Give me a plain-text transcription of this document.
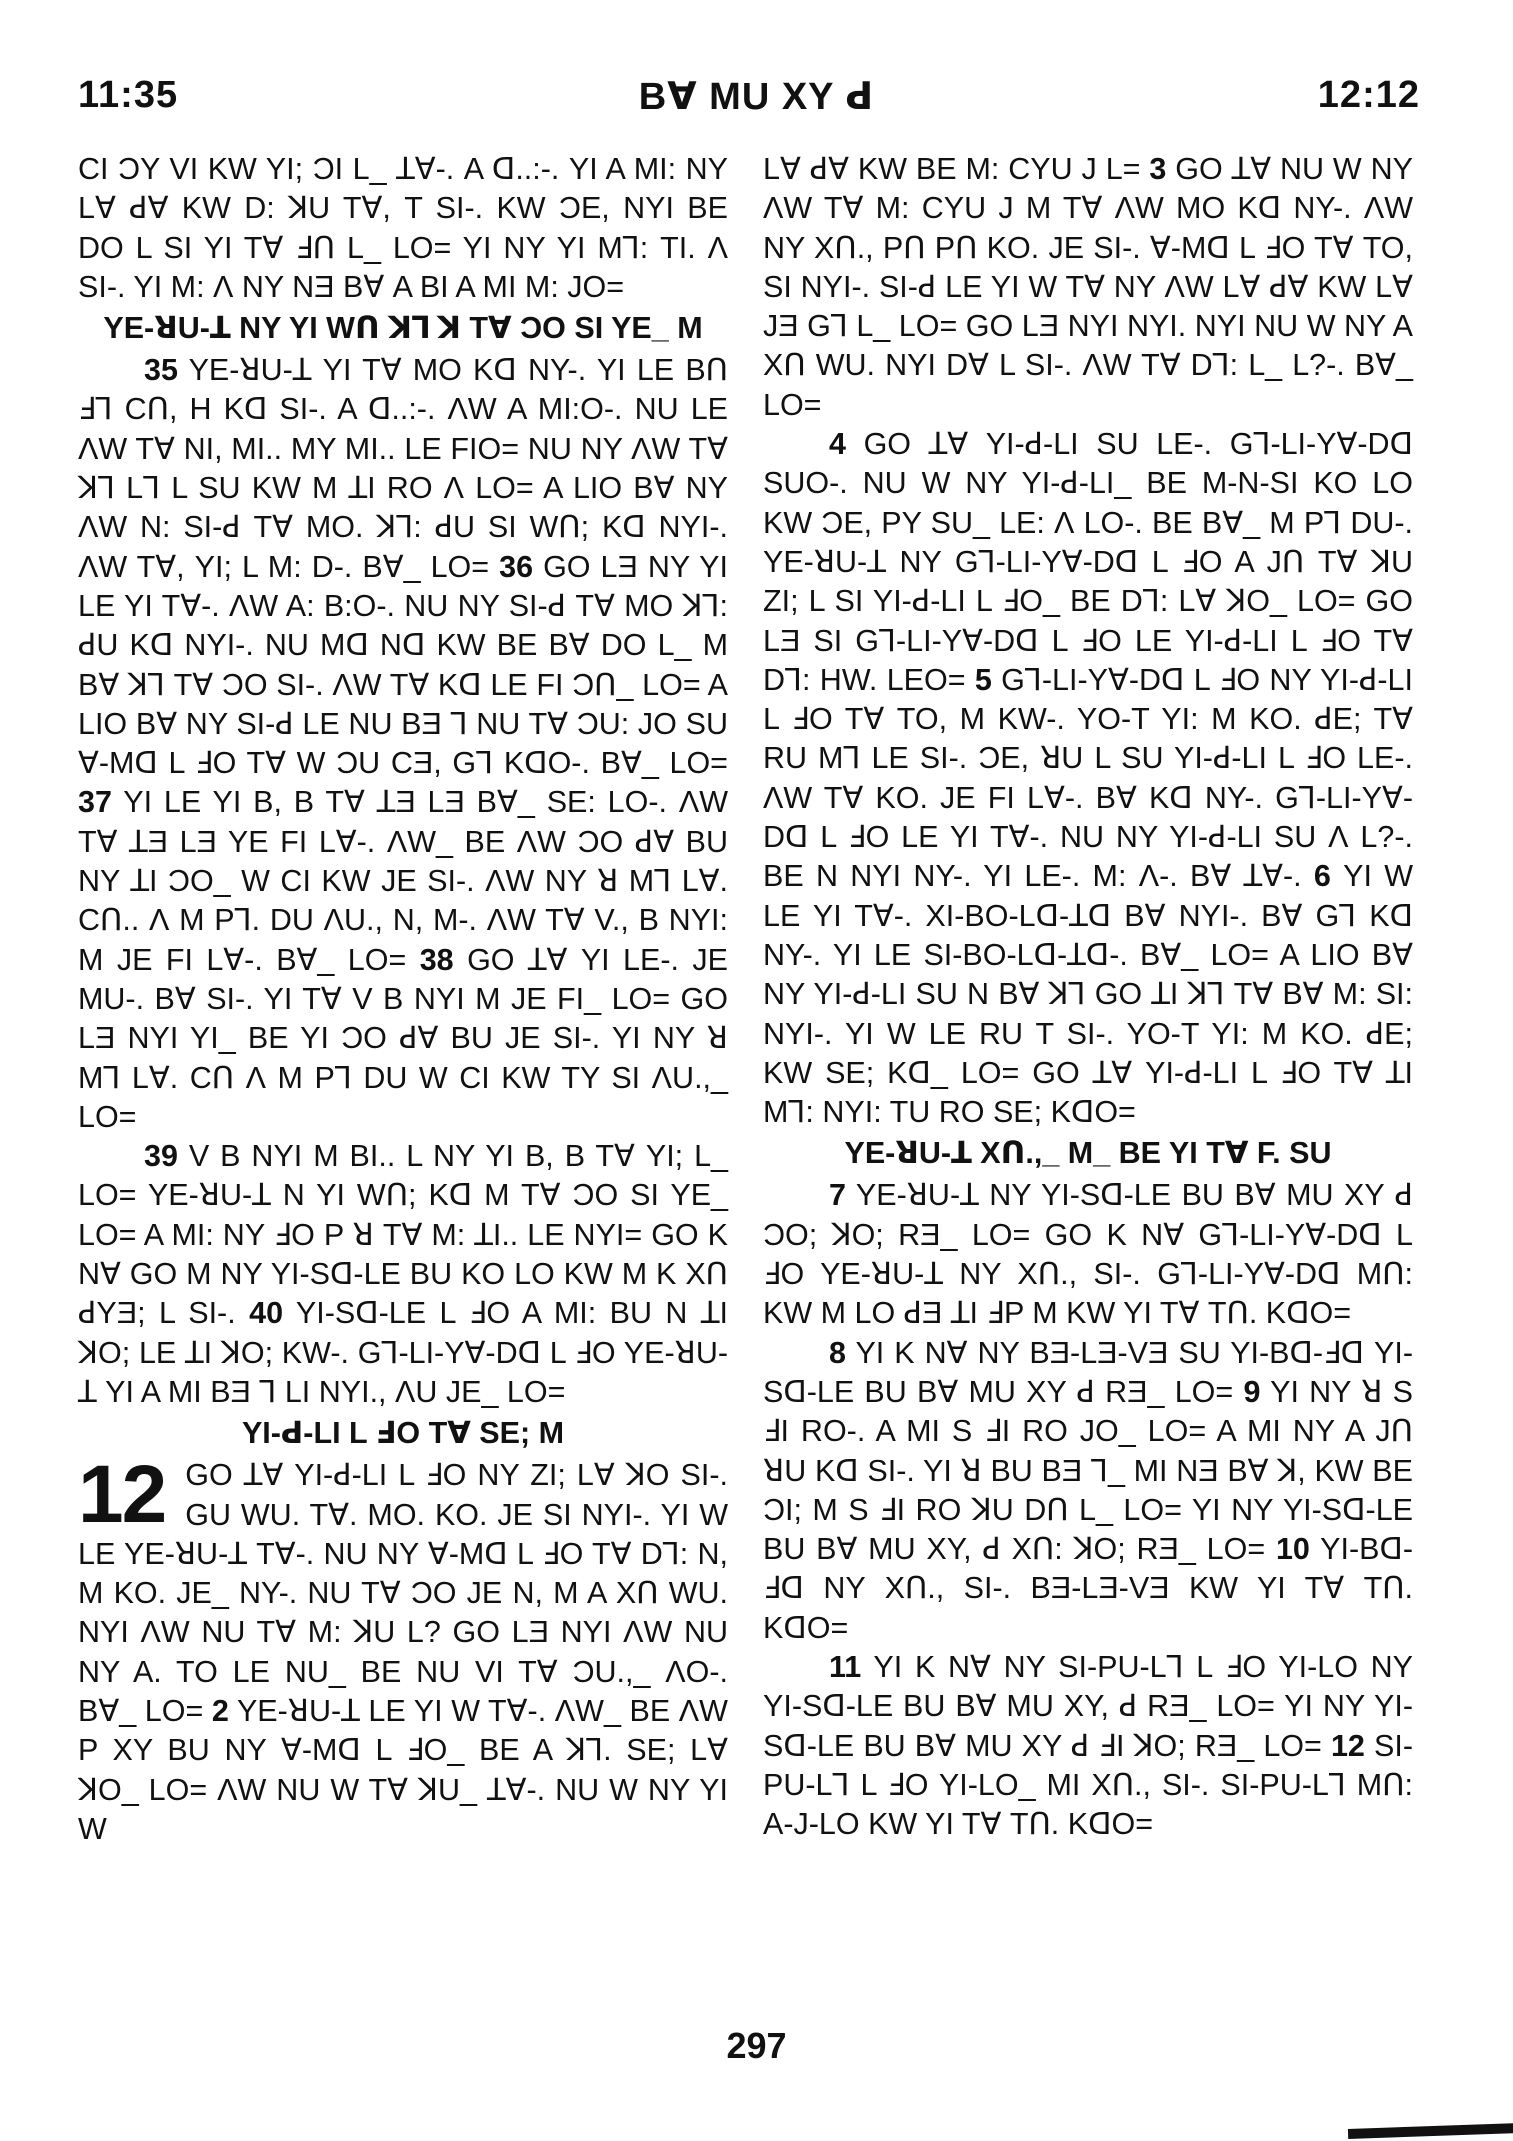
11:35	Bꓯ MU XY ꓒ	12:12

CI ƆY VI KW YI; ƆI L_ ꓕꓯ-. A ꓷ..:-. YI A MI: NY Lꓯ ꓒꓯ KW D: ꓘU Tꓯ, T SI-. KW ƆE, NYI BE DO L SI YI Tꓯ ꓞꓵ L_ LO= YI NY YI Mꓶ: TI. Ʌ SI-. YI M: Ʌ NY NƎ Bꓯ A BI A MI M: JO=

YE-ꓤU-ꓕ NY YI Wꓵ ꓘꓶ ꓘ Tꓯ ƆO SI YE_ M

35 YE-ꓤU-ꓕ YI Tꓯ MO Kꓷ NY-. YI LE Bꓵ ꓞꓶ Cꓵ, H Kꓷ SI-. A ꓷ..:-. ɅW A MI:O-. NU LE ɅW Tꓯ NI, MI.. MY MI.. LE FIO= NU NY ɅW Tꓯ ꓘꓶ Lꓶ L SU KW M ꓕI RO Ʌ LO= A LIO Bꓯ NY ɅW N: SI-ꓒ Tꓯ MO. ꓘꓶ: ꓒU SI Wꓵ; Kꓷ NYI-. ɅW Tꓯ, YI; L M: D-. Bꓯ_ LO= 36 GO LƎ NY YI LE YI Tꓯ-. ɅW A: B:O-. NU NY SI-ꓒ Tꓯ MO ꓘꓶ: ꓒU Kꓷ NYI-. NU Mꓷ Nꓷ KW BE Bꓯ DO L_ M Bꓯ ꓘꓶ Tꓯ ƆO SI-. ɅW Tꓯ Kꓷ LE FI Ɔꓵ_ LO= A LIO Bꓯ NY SI-ꓒ LE NU BƎ ꓶ NU Tꓯ ƆU: JO SU ꓯ-Mꓷ L ꓞO Tꓯ W ƆU CƎ, Gꓶ KꓷO-. Bꓯ_ LO= 37 YI LE YI B, B Tꓯ ꓕƎ LƎ Bꓯ_ SE: LO-. ɅW Tꓯ ꓕƎ LƎ YE FI Lꓯ-. ɅW_ BE ɅW ƆO ꓒꓯ BU NY ꓕI ƆO_ W CI KW JE SI-. ɅW NY ꓤ Mꓶ Lꓯ. Cꓵ.. Ʌ M Pꓶ. DU ɅU., N, M-. ɅW Tꓯ V., B NYI: M JE FI Lꓯ-. Bꓯ_ LO= 38 GO ꓕꓯ YI LE-. JE MU-. Bꓯ SI-. YI Tꓯ V B NYI M JE FI_ LO= GO LƎ NYI YI_ BE YI ƆO ꓒꓯ BU JE SI-. YI NY ꓤ Mꓶ Lꓯ. Cꓵ Ʌ M Pꓶ DU W CI KW TY SI ɅU.,_ LO=

39 V B NYI M BI.. L NY YI B, B Tꓯ YI; L_ LO= YE-ꓤU-ꓕ N YI Wꓵ; Kꓷ M Tꓯ ƆO SI YE_ LO= A MI: NY ꓞO P ꓤ Tꓯ M: ꓕI.. LE NYI= GO K Nꓯ GO M NY YI-Sꓷ-LE BU KO LO KW M K Xꓵ ꓒYƎ; L SI-. 40 YI-Sꓷ-LE L ꓞO A MI: BU N ꓕI ꓘO; LE ꓕI ꓘO; KW-. Gꓶ-LI-Yꓯ-Dꓷ L ꓞO YE-ꓤU-ꓕ YI A MI BƎ ꓶ LI NYI., ɅU JE_ LO=

YI-ꓒ-LI L ꓞO Tꓯ SE; M
12 GO ꓕꓯ YI-ꓒ-LI L ꓞO NY ZI; Lꓯ ꓘO SI-. GU WU. Tꓯ. MO. KO. JE SI NYI-. YI W LE YE-ꓤU-ꓕ Tꓯ-. NU NY ꓯ-Mꓷ L ꓞO Tꓯ Dꓶ: N, M KO. JE_ NY-. NU Tꓯ ƆO JE N, M A Xꓵ WU. NYI ɅW NU Tꓯ M: ꓘU L? GO LƎ NYI ɅW NU NY A. TO LE NU_ BE NU VI Tꓯ ƆU.,_ ɅO-. Bꓯ_ LO= 2 YE-ꓤU-ꓕ LE YI W Tꓯ-. ɅW_ BE ɅW P XY BU NY ꓯ-Mꓷ L ꓞO_ BE A ꓘꓶ. SE; Lꓯ ꓘO_ LO= ɅW NU W Tꓯ ꓘU_ ꓕꓯ-. NU W NY YI W

Lꓯ ꓒꓯ KW BE M: CYU J L= 3 GO ꓕꓯ NU W NY ɅW Tꓯ M: CYU J M Tꓯ ɅW MO Kꓷ NY-. ɅW NY Xꓵ., Pꓵ Pꓵ KO. JE SI-. ꓯ-Mꓷ L ꓞO Tꓯ TO, SI NYI-. SI-ꓒ LE YI W Tꓯ NY ɅW Lꓯ ꓒꓯ KW Lꓯ JƎ Gꓶ L_ LO= GO LƎ NYI NYI. NYI NU W NY A Xꓵ WU. NYI Dꓯ L SI-. ɅW Tꓯ Dꓶ: L_ L?-. Bꓯ_ LO=

4 GO ꓕꓯ YI-ꓒ-LI SU LE-. Gꓶ-LI-Yꓯ-Dꓷ SUO-. NU W NY YI-ꓒ-LI_ BE M-N-SI KO LO KW ƆE, PY SU_ LE: Ʌ LO-. BE Bꓯ_ M Pꓶ DU-. YE-ꓤU-ꓕ NY Gꓶ-LI-Yꓯ-Dꓷ L ꓞO A Jꓵ Tꓯ ꓘU ZI; L SI YI-ꓒ-LI L ꓞO_ BE Dꓶ: Lꓯ ꓘO_ LO= GO LƎ SI Gꓶ-LI-Yꓯ-Dꓷ L ꓞO LE YI-ꓒ-LI L ꓞO Tꓯ Dꓶ: HW. LEO= 5 Gꓶ-LI-Yꓯ-Dꓷ L ꓞO NY YI-ꓒ-LI L ꓞO Tꓯ TO, M KW-. YO-T YI: M KO. ꓒE; Tꓯ RU Mꓶ LE SI-. ƆE, ꓤU L SU YI-ꓒ-LI L ꓞO LE-. ɅW Tꓯ KO. JE FI Lꓯ-. Bꓯ Kꓷ NY-. Gꓶ-LI-Yꓯ-Dꓷ L ꓞO LE YI Tꓯ-. NU NY YI-ꓒ-LI SU Ʌ L?-. BE N NYI NY-. YI LE-. M: Ʌ-. Bꓯ ꓕꓯ-. 6 YI W LE YI Tꓯ-. XI-BO-Lꓷ-ꓕꓷ Bꓯ NYI-. Bꓯ Gꓶ Kꓷ NY-. YI LE SI-BO-Lꓷ-ꓕꓷ-. Bꓯ_ LO= A LIO Bꓯ NY YI-ꓒ-LI SU N Bꓯ ꓘꓶ GO ꓕI ꓘꓶ Tꓯ Bꓯ M: SI: NYI-. YI W LE RU T SI-. YO-T YI: M KO. ꓒE; KW SE; Kꓷ_ LO= GO ꓕꓯ YI-ꓒ-LI L ꓞO Tꓯ ꓕI Mꓶ: NYI: TU RO SE; KꓷO=

YE-ꓤU-ꓕ Xꓵ.,_ M_ BE YI Tꓯ F. SU

7 YE-ꓤU-ꓕ NY YI-Sꓷ-LE BU Bꓯ MU XY ꓒ ƆO; ꓘO; RƎ_ LO= GO K Nꓯ Gꓶ-LI-Yꓯ-Dꓷ L ꓞO YE-ꓤU-ꓕ NY Xꓵ., SI-. Gꓶ-LI-Yꓯ-Dꓷ Mꓵ: KW M LO ꓒƎ ꓕI ꓞP M KW YI Tꓯ Tꓵ. KꓷO=

8 YI K Nꓯ NY BƎ-LƎ-VƎ SU YI-Bꓷ-ꓞꓷ YI-Sꓷ-LE BU Bꓯ MU XY ꓒ RƎ_ LO= 9 YI NY ꓤ S ꓞI RO-. A MI S ꓞI RO JO_ LO= A MI NY A Jꓵ ꓤU Kꓷ SI-. YI ꓤ BU BƎ ꓶ_ MI NƎ Bꓯ ꓘ, KW BE ƆI; M S ꓞI RO ꓘU Dꓵ L_ LO= YI NY YI-Sꓷ-LE BU Bꓯ MU XY, ꓒ Xꓵ: ꓘO; RƎ_ LO= 10 YI-Bꓷ-ꓞꓷ NY Xꓵ., SI-. BƎ-LƎ-VƎ KW YI Tꓯ Tꓵ. KꓷO=

11 YI K Nꓯ NY SI-PU-Lꓶ L ꓞO YI-LO NY YI-Sꓷ-LE BU Bꓯ MU XY, ꓒ RƎ_ LO= YI NY YI-Sꓷ-LE BU Bꓯ MU XY ꓒ ꓞI ꓘO; RƎ_ LO= 12 SI-PU-Lꓶ L ꓞO YI-LO_ MI Xꓵ., SI-. SI-PU-Lꓶ Mꓵ: A-J-LO KW YI Tꓯ Tꓵ. KꓷO=

297
